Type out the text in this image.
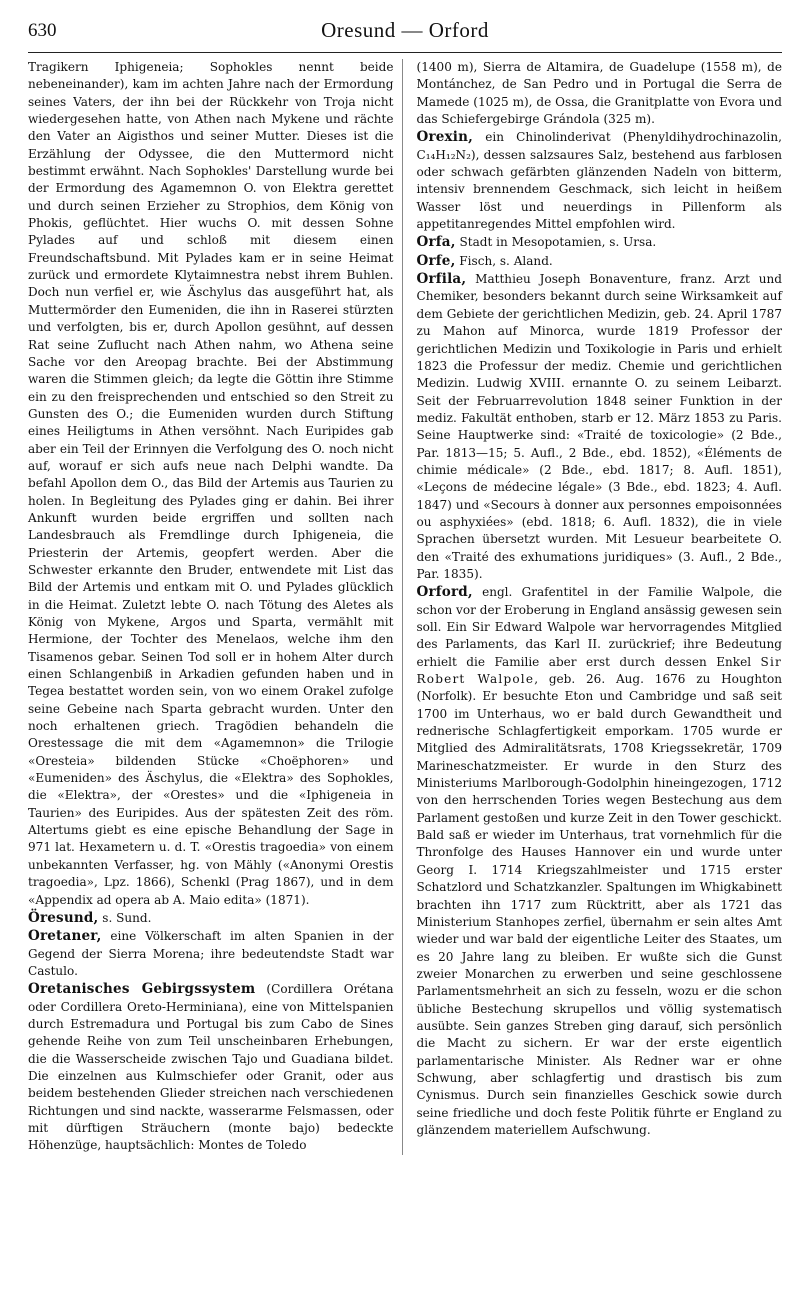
630	Oresund — Orford

Tragikern Iphigeneia; Sophokles nennt beide nebeneinander), kam im achten Jahre nach der Ermordung seines Vaters, der ihn bei der Rückkehr von Troja nicht wiedergesehen hatte, von Athen nach Mykene und rächte den Vater an Aigisthos und seiner Mutter. Dieses ist die Erzählung der Odyssee, die den Muttermord nicht bestimmt erwähnt. Nach Sophokles' Darstellung wurde bei der Ermordung des Agamemnon O. von Elektra gerettet und durch seinen Erzieher zu Strophios, dem König von Phokis, geflüchtet. Hier wuchs O. mit dessen Sohne Pylades auf und schloß mit diesem einen Freundschaftsbund. Mit Pylades kam er in seine Heimat zurück und ermordete Klytaimnestra nebst ihrem Buhlen. Doch nun verfiel er, wie Äschylus das ausgeführt hat, als Muttermörder den Eumeniden, die ihn in Raserei stürzten und verfolgten, bis er, durch Apollon gesühnt, auf dessen Rat seine Zuflucht nach Athen nahm, wo Athena seine Sache vor den Areopag brachte. Bei der Abstimmung waren die Stimmen gleich; da legte die Göttin ihre Stimme ein zu den freisprechenden und entschied so den Streit zu Gunsten des O.; die Eumeniden wurden durch Stiftung eines Heiligtums in Athen versöhnt. Nach Euripides gab aber ein Teil der Erinnyen die Verfolgung des O. noch nicht auf, worauf er sich aufs neue nach Delphi wandte. Da befahl Apollon dem O., das Bild der Artemis aus Taurien zu holen. In Begleitung des Pylades ging er dahin. Bei ihrer Ankunft wurden beide ergriffen und sollten nach Landesbrauch als Fremdlinge durch Iphigeneia, die Priesterin der Artemis, geopfert werden. Aber die Schwester erkannte den Bruder, entwendete mit List das Bild der Artemis und entkam mit O. und Pylades glücklich in die Heimat. Zuletzt lebte O. nach Tötung des Aletes als König von Mykene, Argos und Sparta, vermählt mit Hermione, der Tochter des Menelaos, welche ihm den Tisamenos gebar. Seinen Tod soll er in hohem Alter durch einen Schlangenbiß in Arkadien gefunden haben und in Tegea bestattet worden sein, von wo einem Orakel zufolge seine Gebeine nach Sparta gebracht wurden. Unter den noch erhaltenen griech. Tragödien behandeln die Orestessage die mit dem «Agamemnon» die Trilogie «Oresteia» bildenden Stücke «Choëphoren» und «Eumeniden» des Äschylus, die «Elektra» des Sophokles, die «Elektra», der «Orestes» und die «Iphigeneia in Taurien» des Euripides. Aus der spätesten Zeit des röm. Altertums giebt es eine epische Behandlung der Sage in 971 lat. Hexametern u. d. T. «Orestis tragoedia» von einem unbekannten Verfasser, hg. von Mähly («Anonymi Orestis tragoedia», Lpz. 1866), Schenkl (Prag 1867), und in dem «Appendix ad opera ab A. Maio edita» (1871).

Öresund, s. Sund.

Oretaner, eine Völkerschaft im alten Spanien in der Gegend der Sierra Morena; ihre bedeutendste Stadt war Castulo.

Oretanisches Gebirgssystem (Cordillera Orétana oder Cordillera Oreto-Herminiana), eine von Mittelspanien durch Estremadura und Portugal bis zum Cabo de Sines gehende Reihe von zum Teil unscheinbaren Erhebungen, die die Wasserscheide zwischen Tajo und Guadiana bildet. Die einzelnen aus Kulmschiefer oder Granit, oder aus beidem bestehenden Glieder streichen nach verschiedenen Richtungen und sind nackte, wasserarme Felsmassen, oder mit dürftigen Sträuchern (monte bajo) bedeckte Höhenzüge, hauptsächlich: Montes de Toledo

(1400 m), Sierra de Altamira, de Guadelupe (1558 m), de Montánchez, de San Pedro und in Portugal die Serra de Mamede (1025 m), de Ossa, die Granitplatte von Evora und das Schiefergebirge Grándola (325 m).

Orexin, ein Chinolinderivat (Phenyldihydrochinazolin, C₁₄H₁₂N₂), dessen salzsaures Salz, bestehend aus farblosen oder schwach gefärbten glänzenden Nadeln von bitterm, intensiv brennendem Geschmack, sich leicht in heißem Wasser löst und neuerdings in Pillenform als appetitanregendes Mittel empfohlen wird.

Orfa, Stadt in Mesopotamien, s. Ursa.

Orfe, Fisch, s. Aland.

Orfila, Matthieu Joseph Bonaventure, franz. Arzt und Chemiker, besonders bekannt durch seine Wirksamkeit auf dem Gebiete der gerichtlichen Medizin, geb. 24. April 1787 zu Mahon auf Minorca, wurde 1819 Professor der gerichtlichen Medizin und Toxikologie in Paris und erhielt 1823 die Professur der mediz. Chemie und gerichtlichen Medizin. Ludwig XVIII. ernannte O. zu seinem Leibarzt. Seit der Februarrevolution 1848 seiner Funktion in der mediz. Fakultät enthoben, starb er 12. März 1853 zu Paris. Seine Hauptwerke sind: «Traité de toxicologie» (2 Bde., Par. 1813—15; 5. Aufl., 2 Bde., ebd. 1852), «Éléments de chimie médicale» (2 Bde., ebd. 1817; 8. Aufl. 1851), «Leçons de médecine légale» (3 Bde., ebd. 1823; 4. Aufl. 1847) und «Secours à donner aux personnes empoisonnées ou asphyxiées» (ebd. 1818; 6. Aufl. 1832), die in viele Sprachen übersetzt wurden. Mit Lesueur bearbeitete O. den «Traité des exhumations juridiques» (3. Aufl., 2 Bde., Par. 1835).

Orford, engl. Grafentitel in der Familie Walpole, die schon vor der Eroberung in England ansässig gewesen sein soll. Ein Sir Edward Walpole war hervorragendes Mitglied des Parlaments, das Karl II. zurückrief; ihre Bedeutung erhielt die Familie aber erst durch dessen Enkel Sir Robert Walpole, geb. 26. Aug. 1676 zu Houghton (Norfolk). Er besuchte Eton und Cambridge und saß seit 1700 im Unterhaus, wo er bald durch Gewandtheit und rednerische Schlagfertigkeit emporkam. 1705 wurde er Mitglied des Admiralitätsrats, 1708 Kriegssekretär, 1709 Marineschatzmeister. Er wurde in den Sturz des Ministeriums Marlborough-Godolphin hineingezogen, 1712 von den herrschenden Tories wegen Bestechung aus dem Parlament gestoßen und kurze Zeit in den Tower geschickt. Bald saß er wieder im Unterhaus, trat vornehmlich für die Thronfolge des Hauses Hannover ein und wurde unter Georg I. 1714 Kriegszahlmeister und 1715 erster Schatzlord und Schatzkanzler. Spaltungen im Whigkabinett brachten ihn 1717 zum Rücktritt, aber als 1721 das Ministerium Stanhopes zerfiel, übernahm er sein altes Amt wieder und war bald der eigentliche Leiter des Staates, um es 20 Jahre lang zu bleiben. Er wußte sich die Gunst zweier Monarchen zu erwerben und seine geschlossene Parlamentsmehrheit an sich zu fesseln, wozu er die schon übliche Bestechung skrupellos und völlig systematisch ausübte. Sein ganzes Streben ging darauf, sich persönlich die Macht zu sichern. Er war der erste eigentlich parlamentarische Minister. Als Redner war er ohne Schwung, aber schlagfertig und drastisch bis zum Cynismus. Durch sein finanzielles Geschick sowie durch seine friedliche und doch feste Politik führte er England zu glänzendem materiellem Aufschwung.
